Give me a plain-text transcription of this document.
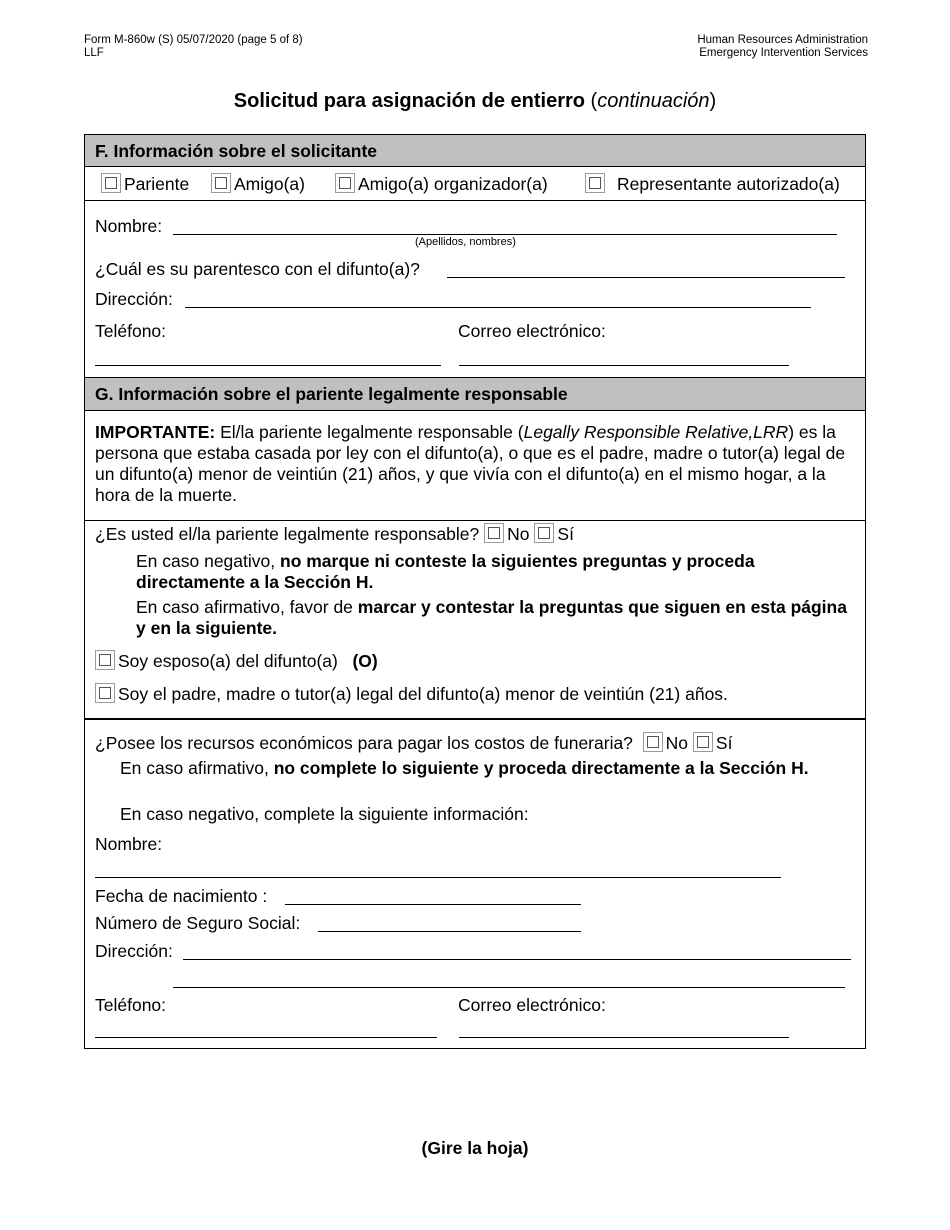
Form M-860w (S) 05/07/2020 (page 5 of 8)
LLF
Human Resources Administration
Emergency Intervention Services
Solicitud para asignación de entierro (continuación)
F. Información sobre el solicitante
Pariente	Amigo(a)	Amigo(a) organizador(a)	Representante autorizado(a)
Nombre:
(Apellidos, nombres)
¿Cuál es su parentesco con el difunto(a)?
Dirección:
Teléfono:	Correo electrónico:
G. Información sobre el pariente legalmente responsable
IMPORTANTE: El/la pariente legalmente responsable (Legally Responsible Relative,LRR) es la persona que estaba casada por ley con el difunto(a), o que es el padre, madre o tutor(a) legal de un difunto(a) menor de veintiún (21) años, y que vivía con el difunto(a) en el mismo hogar, a la hora de la muerte.
¿Es usted el/la pariente legalmente responsable? No Sí
En caso negativo, no marque ni conteste la siguientes preguntas y proceda directamente a la Sección H.
En caso afirmativo, favor de marcar y contestar la preguntas que siguen en esta página y en la siguiente.
Soy esposo(a) del difunto(a) (O)
Soy el padre, madre o tutor(a) legal del difunto(a) menor de veintiún (21) años.
¿Posee los recursos económicos para pagar los costos de funeraria? No Sí
En caso afirmativo, no complete lo siguiente y proceda directamente a la Sección H.
En caso negativo, complete la siguiente información:
Nombre:
Fecha de nacimiento :
Número de Seguro Social:
Dirección:
Teléfono:	Correo electrónico:
(Gire la hoja)
